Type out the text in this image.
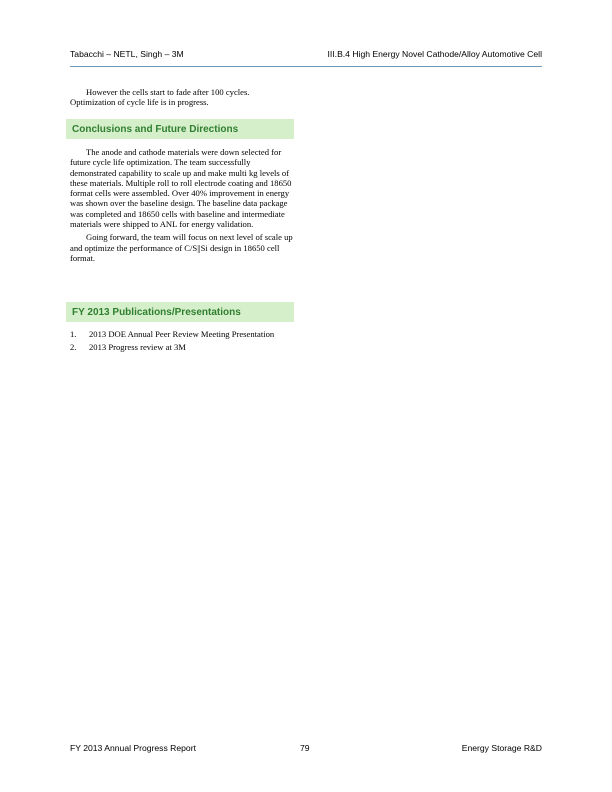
Tabacchi – NETL, Singh – 3M	III.B.4 High Energy Novel Cathode/Alloy Automotive Cell

However the cells start to fade after 100 cycles. Optimization of cycle life is in progress.

Conclusions and Future Directions

The anode and cathode materials were down selected for future cycle life optimization. The team successfully demonstrated capability to scale up and make multi kg levels of these materials. Multiple roll to roll electrode coating and 18650 format cells were assembled. Over 40% improvement in energy was shown over the baseline design. The baseline data package was completed and 18650 cells with baseline and intermediate materials were shipped to ANL for energy validation.

Going forward, the team will focus on next level of scale up and optimize the performance of C/S||Si design in 18650 cell format.

FY 2013 Publications/Presentations
1.	2013 DOE Annual Peer Review Meeting Presentation
2.	2013 Progress review at 3M
FY 2013 Annual Progress Report	79	Energy Storage R&D
